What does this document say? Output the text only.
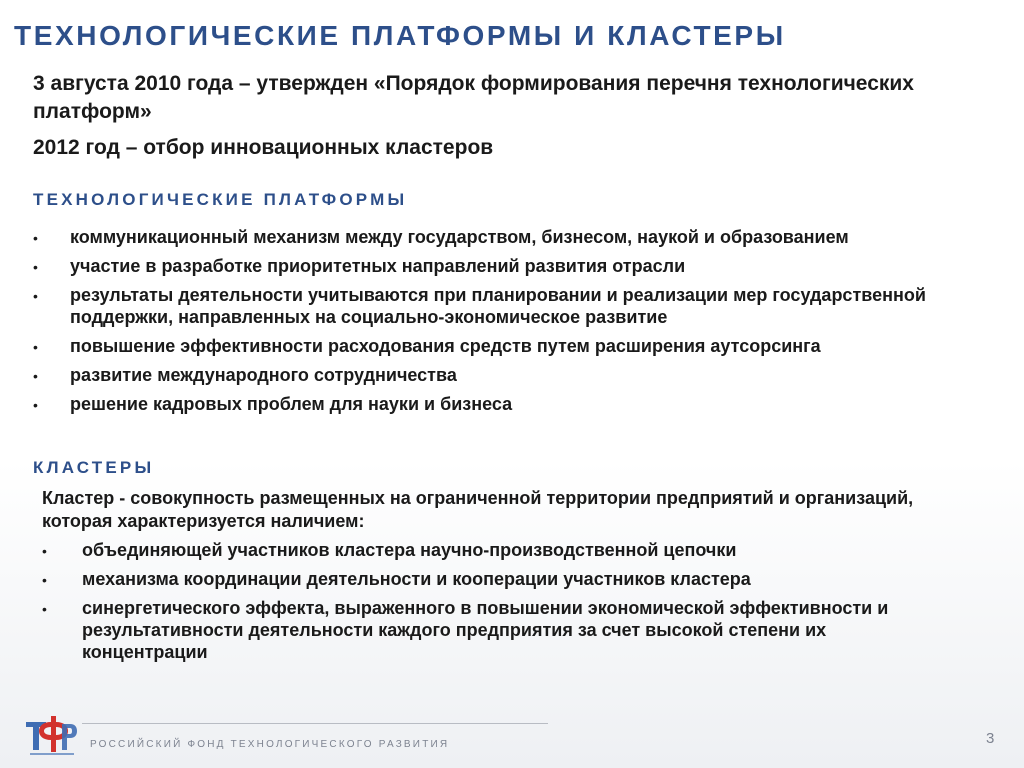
ТЕХНОЛОГИЧЕСКИЕ ПЛАТФОРМЫ И КЛАСТЕРЫ

3 августа 2010 года – утвержден «Порядок формирования перечня технологических платформ»

2012 год – отбор инновационных кластеров

ТЕХНОЛОГИЧЕСКИЕ ПЛАТФОРМЫ
• коммуникационный механизм между государством, бизнесом, наукой и образованием
• участие в разработке приоритетных направлений развития отрасли
• результаты деятельности учитываются при планировании и реализации мер государственной поддержки, направленных на социально-экономическое развитие
• повышение эффективности расходования средств путем расширения аутсорсинга
• развитие международного сотрудничества
• решение кадровых проблем для науки и бизнеса
КЛАСТЕРЫ

Кластер - совокупность размещенных на ограниченной территории предприятий и организаций, которая характеризуется наличием:

• объединяющей участников кластера научно-производственной цепочки
• механизма координации деятельности и кооперации участников кластера
• синергетического эффекта, выраженного в повышении экономической эффективности и результативности деятельности каждого предприятия за счет высокой степени их концентрации
РОССИЙСКИЙ ФОНД ТЕХНОЛОГИЧЕСКОГО РАЗВИТИЯ	3
